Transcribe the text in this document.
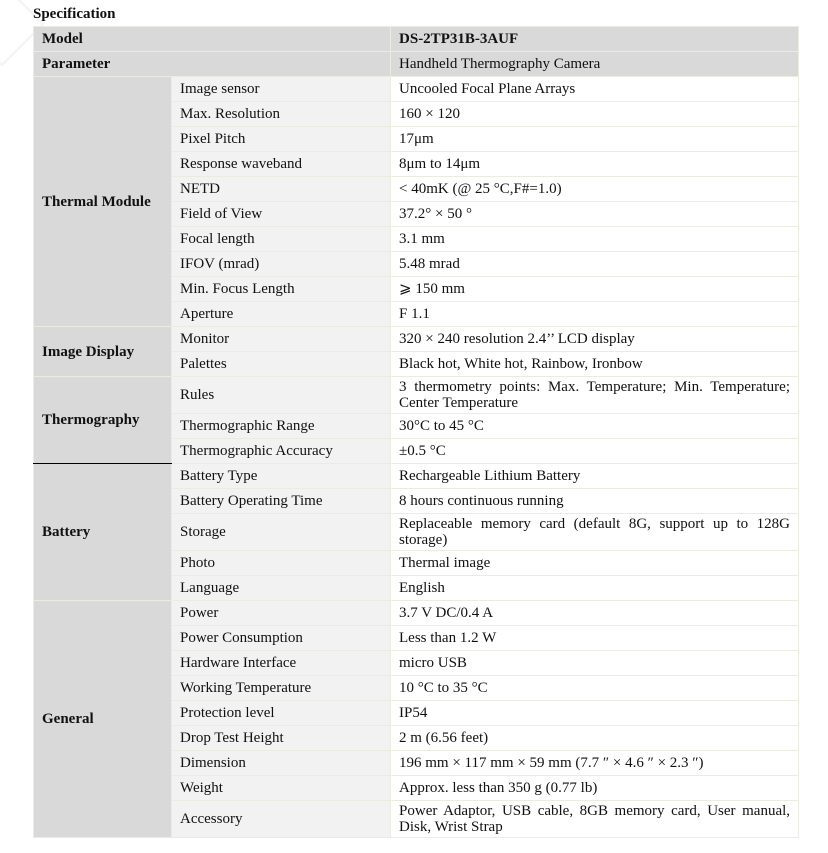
Specification
Model		DS-2TP31B-3AUF
Parameter		Handheld Thermography Camera
Thermal Module	Image sensor	Uncooled Focal Plane Arrays
	Max. Resolution	160 × 120
	Pixel Pitch	17μm
	Response waveband	8μm to 14μm
	NETD	< 40mK (@ 25 °C,F#=1.0)
	Field of View	37.2° × 50 °
	Focal length	3.1 mm
	IFOV (mrad)	5.48 mrad
	Min. Focus Length	⩾ 150 mm
	Aperture	F 1.1
Image Display	Monitor	320 × 240 resolution 2.4’’ LCD display
	Palettes	Black hot, White hot, Rainbow, Ironbow
Thermography	Rules	3 thermometry points: Max. Temperature; Min. Temperature; Center Temperature
	Thermographic Range	30°C to 45 °C
	Thermographic Accuracy	±0.5 °C
Battery	Battery Type	Rechargeable Lithium Battery
	Battery Operating Time	8 hours continuous running
	Storage	Replaceable memory card (default 8G, support up to 128G storage)
	Photo	Thermal image
	Language	English
General	Power	3.7 V DC/0.4 A
	Power Consumption	Less than 1.2 W
	Hardware Interface	micro USB
	Working Temperature	10 °C to 35 °C
	Protection level	IP54
	Drop Test Height	2 m (6.56 feet)
	Dimension	196 mm × 117 mm × 59 mm (7.7 ″ × 4.6 ″ × 2.3 ″)
	Weight	Approx. less than 350 g (0.77 lb)
	Accessory	Power Adaptor, USB cable, 8GB memory card, User manual, Disk, Wrist Strap
